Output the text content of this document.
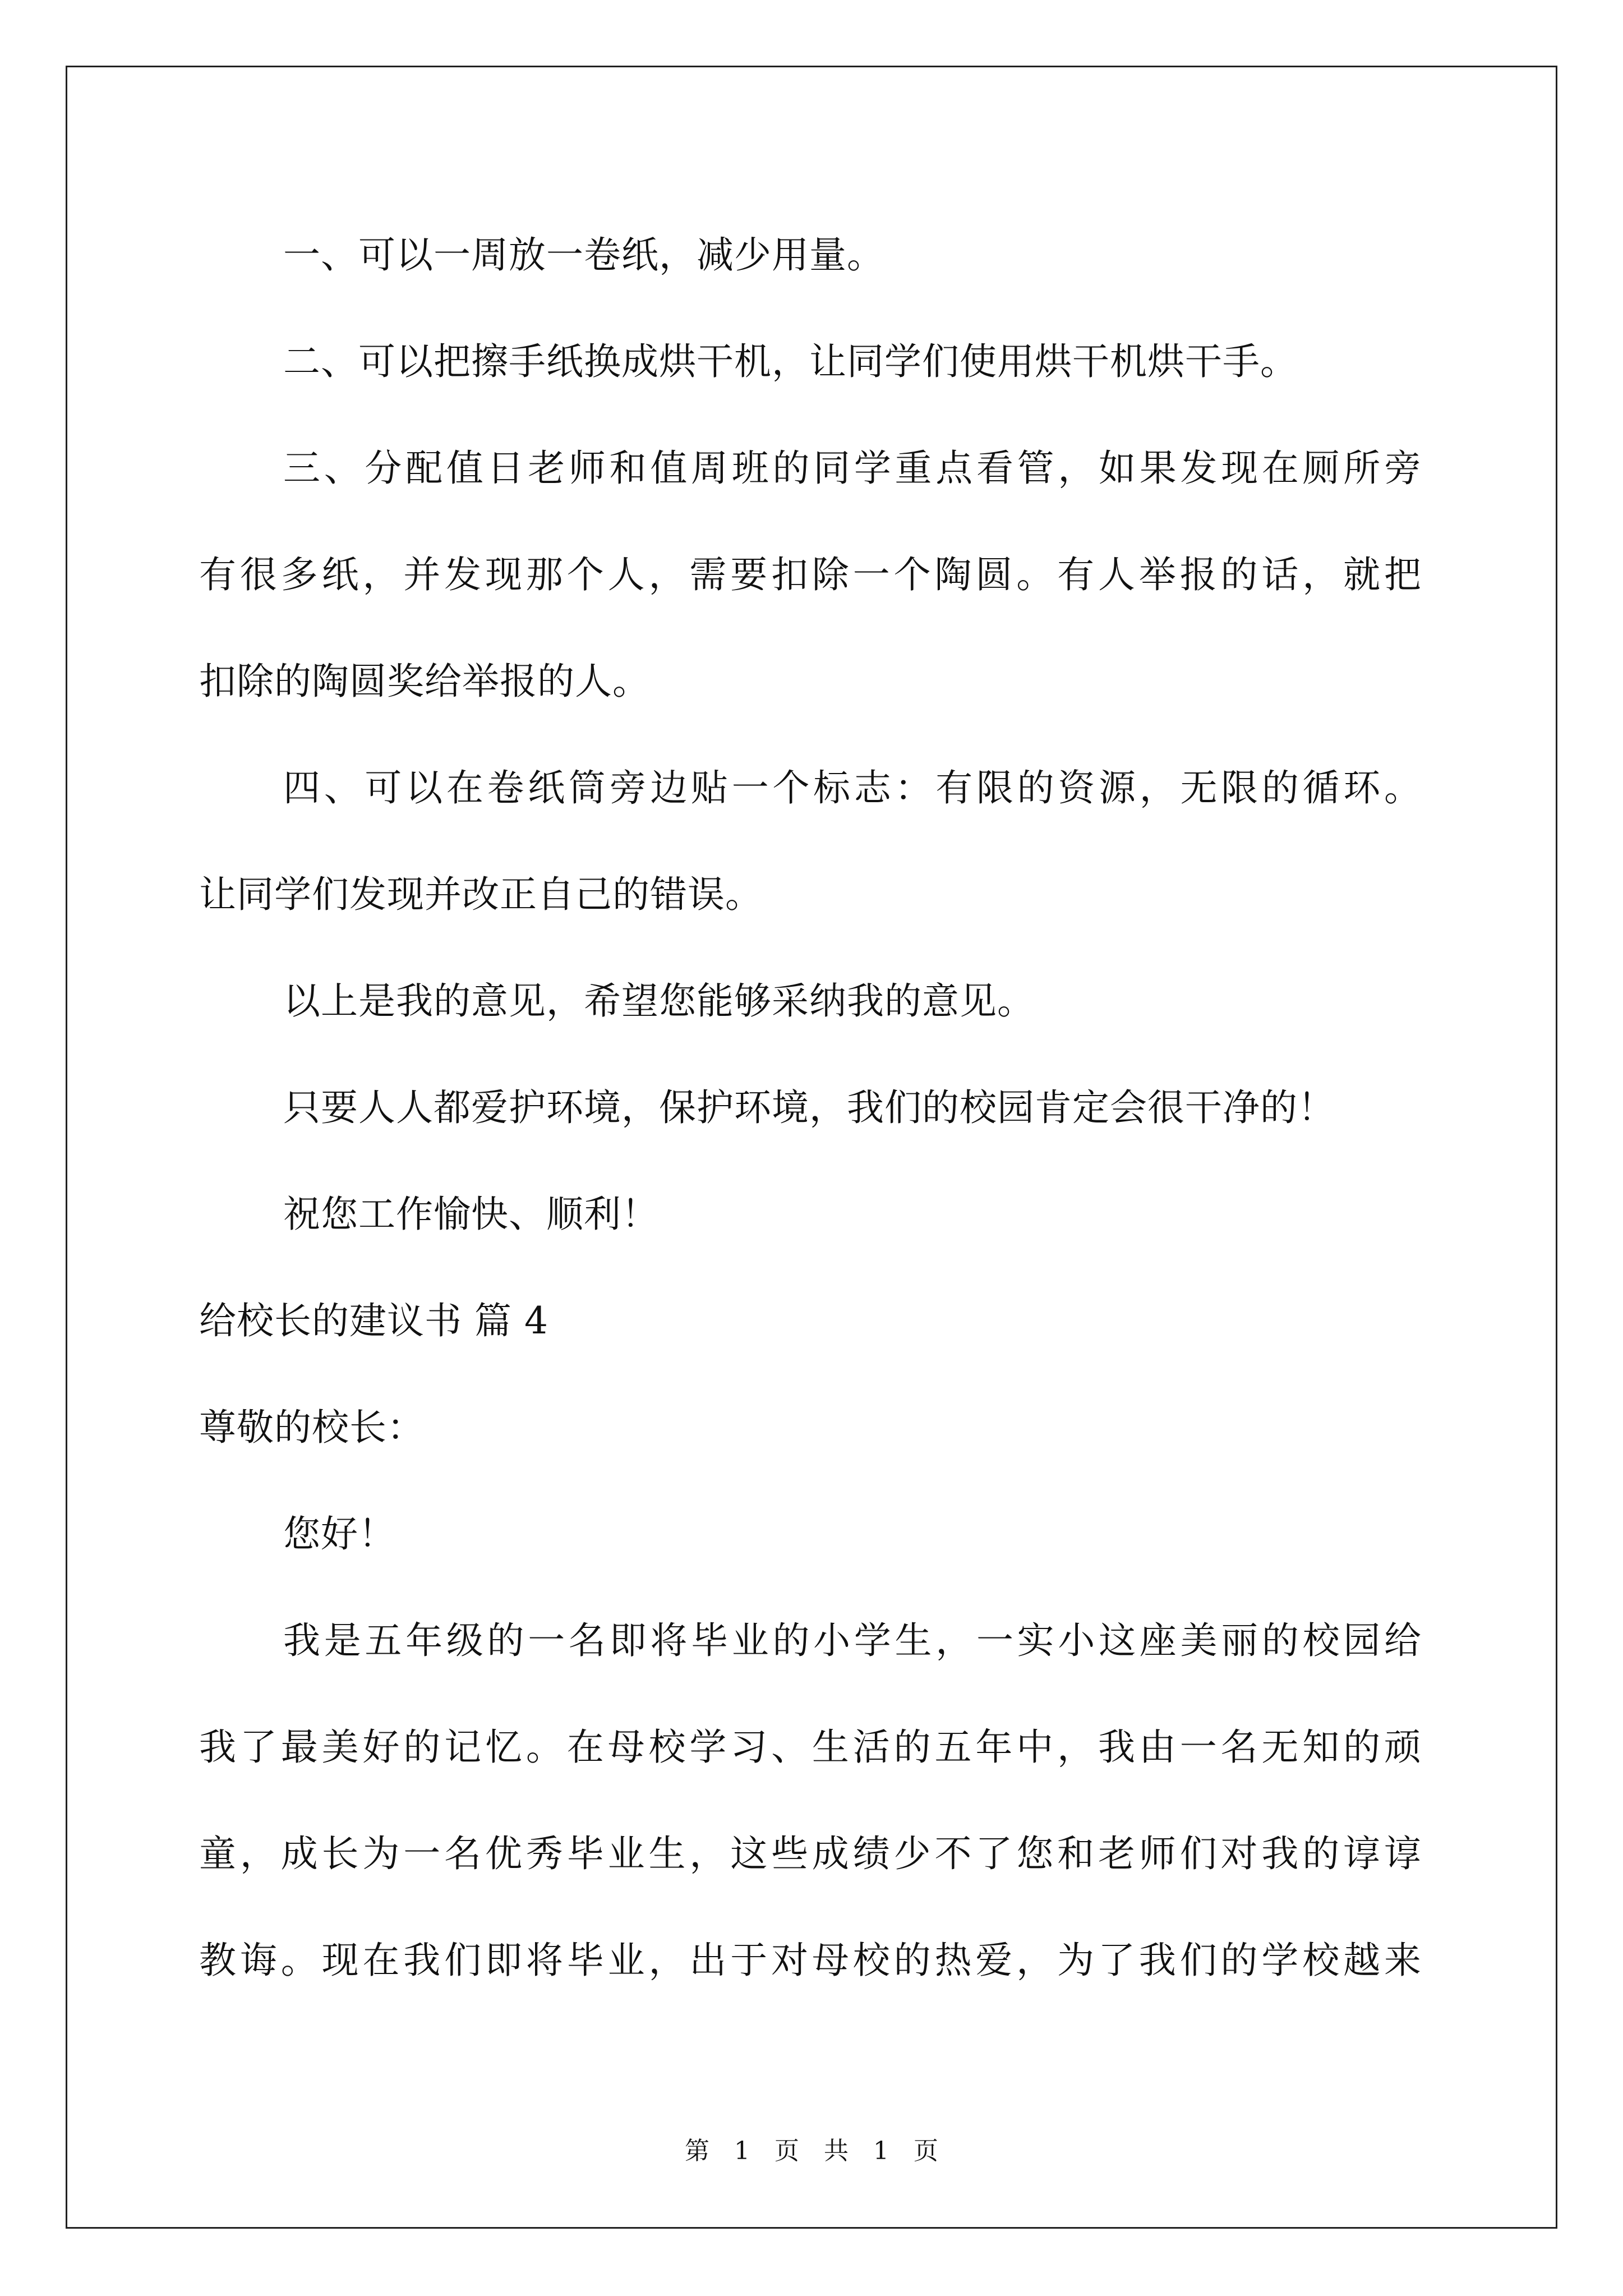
一、可以一周放一卷纸，减少用量。
二、可以把擦手纸换成烘干机，让同学们使用烘干机烘干手。
三、分配值日老师和值周班的同学重点看管，如果发现在厕所旁
有很多纸，并发现那个人，需要扣除一个陶圆。有人举报的话，就把
扣除的陶圆奖给举报的人。
四、可以在卷纸筒旁边贴一个标志：有限的资源，无限的循环。
让同学们发现并改正自己的错误。
以上是我的意见，希望您能够采纳我的意见。
只要人人都爱护环境，保护环境，我们的校园肯定会很干净的！
祝您工作愉快、顺利！
给校长的建议书 篇 4
尊敬的校长：
您好！
我是五年级的一名即将毕业的小学生，一实小这座美丽的校园给
我了最美好的记忆。在母校学习、生活的五年中，我由一名无知的顽
童，成长为一名优秀毕业生，这些成绩少不了您和老师们对我的谆谆
教诲。现在我们即将毕业，出于对母校的热爱，为了我们的学校越来
第 1 页 共 1 页
